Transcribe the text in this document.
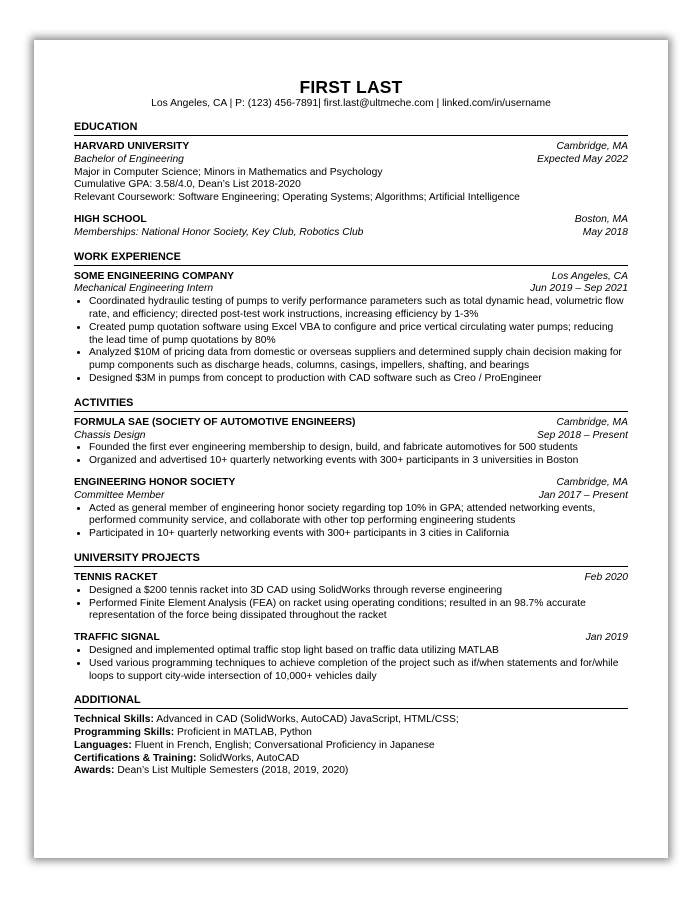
FIRST LAST
Los Angeles, CA | P: (123) 456-7891| first.last@ultmeche.com | linked.com/in/username
EDUCATION
HARVARD UNIVERSITY	Cambridge, MA
Bachelor of Engineering	Expected May 2022
Major in Computer Science; Minors in Mathematics and Psychology
Cumulative GPA: 3.58/4.0, Dean’s List 2018-2020
Relevant Coursework: Software Engineering; Operating Systems; Algorithms; Artificial Intelligence
HIGH SCHOOL	Boston, MA
Memberships: National Honor Society, Key Club, Robotics Club	May 2018
WORK EXPERIENCE
SOME ENGINEERING COMPANY	Los Angeles, CA
Mechanical Engineering Intern	Jun 2019 – Sep 2021
• Coordinated hydraulic testing of pumps to verify performance parameters such as total dynamic head, volumetric flow rate, and efficiency; directed post-test work instructions, increasing efficiency by 1-3%
• Created pump quotation software using Excel VBA to configure and price vertical circulating water pumps; reducing the lead time of pump quotations by 80%
• Analyzed $10M of pricing data from domestic or overseas suppliers and determined supply chain decision making for pump components such as discharge heads, columns, casings, impellers, shafting, and bearings
• Designed $3M in pumps from concept to production with CAD software such as Creo / ProEngineer
ACTIVITIES
FORMULA SAE (SOCIETY OF AUTOMOTIVE ENGINEERS)	Cambridge, MA
Chassis Design	Sep 2018 – Present
• Founded the first ever engineering membership to design, build, and fabricate automotives for 500 students
• Organized and advertised 10+ quarterly networking events with 300+ participants in 3 universities in Boston
ENGINEERING HONOR SOCIETY	Cambridge, MA
Committee Member	Jan 2017 – Present
• Acted as general member of engineering honor society regarding top 10% in GPA; attended networking events, performed community service, and collaborate with other top performing engineering students
• Participated in 10+ quarterly networking events with 300+ participants in 3 cities in California
UNIVERSITY PROJECTS
TENNIS RACKET	Feb 2020
• Designed a $200 tennis racket into 3D CAD using SolidWorks through reverse engineering
• Performed Finite Element Analysis (FEA) on racket using operating conditions; resulted in an 98.7% accurate representation of the force being dissipated throughout the racket
TRAFFIC SIGNAL	Jan 2019
• Designed and implemented optimal traffic stop light based on traffic data utilizing MATLAB
• Used various programming techniques to achieve completion of the project such as if/when statements and for/while loops to support city-wide intersection of 10,000+ vehicles daily
ADDITIONAL

Technical Skills: Advanced in CAD (SolidWorks, AutoCAD) JavaScript, HTML/CSS;

Programming Skills: Proficient in MATLAB, Python

Languages: Fluent in French, English; Conversational Proficiency in Japanese

Certifications & Training: SolidWorks, AutoCAD

Awards: Dean’s List Multiple Semesters (2018, 2019, 2020)
